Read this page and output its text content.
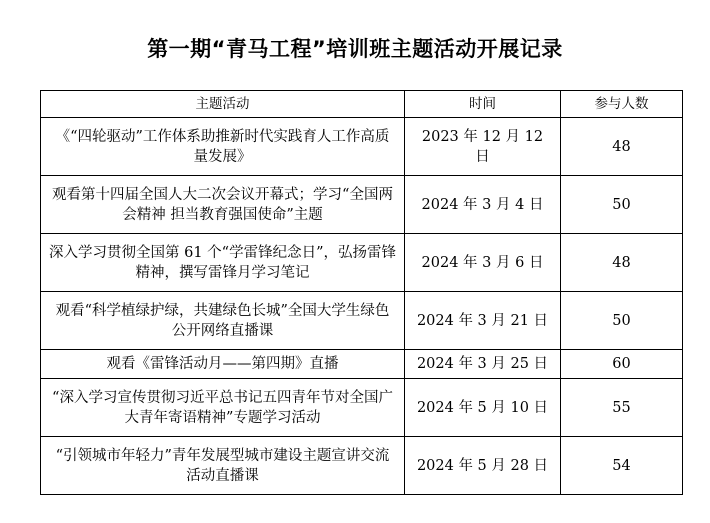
第一期“青马工程”培训班主题活动开展记录
主题活动	时间	参与人数
《“四轮驱动”工作体系助推新时代实践育人工作高质量发展》	2023 年 12 月 12 日	48
观看第十四届全国人大二次会议开幕式；学习“全国两会精神 担当教育强国使命”主题	2024 年 3 月 4 日	50
深入学习贯彻全国第 61 个“学雷锋纪念日”，弘扬雷锋精神，撰写雷锋月学习笔记	2024 年 3 月 6 日	48
观看“科学植绿护绿，共建绿色长城”全国大学生绿色公开网络直播课	2024 年 3 月 21 日	50
观看《雷锋活动月——第四期》直播	2024 年 3 月 25 日	60
“深入学习宣传贯彻习近平总书记五四青年节对全国广大青年寄语精神”专题学习活动	2024 年 5 月 10 日	55
“引领城市年轻力”青年发展型城市建设主题宣讲交流活动直播课	2024 年 5 月 28 日	54
